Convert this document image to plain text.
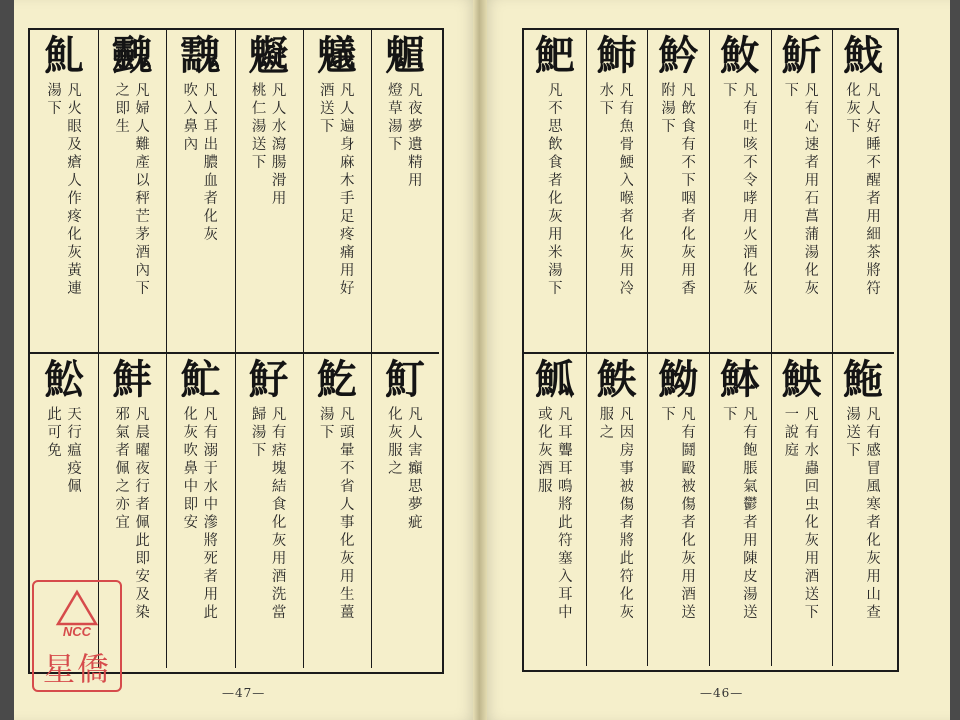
䰨
凡夜夢遺精用
燈草湯下
䰮
凡人遍身麻木手足疼痛用好
酒送下
䰯
凡人水瀉腸滑用
桃仁湯送下
䰰
凡人耳出膿血者化灰
吹入鼻內
䰱
凡婦人難產以秤芒茅酒內下
之即生
䰲
凡火眼及瘡人作疼化灰黃連
湯下
䰳
凡人害癲思夢疵
化灰服之
䰴
凡頭暈不省人事化灰用生薑
湯下
䰵
凡有痞塊結食化灰用酒洗當
歸湯下
䰶
凡有溺于水中滲將死者用此
化灰吹鼻中即安
䰷
凡晨曜夜行者佩此即安及染
邪氣者佩之亦宜
䰸
天行瘟疫佩
此可免
䰹
凡人好睡不醒者用細茶將符
化灰下
䰺
凡有心速者用石菖蒲湯化灰
下
䰻
凡有吐咳不令哮用火酒化灰
下
䰼
凡飲食有不下咽者化灰用香
附湯下
䰽
凡有魚骨鯁入喉者化灰用冷
水下
䰾
凡不思飲食者化灰用米湯下
䰿
凡有感冒風寒者化灰用山查
湯送下
䱀
凡有水蟲回虫化灰用酒送下
一說庭
䱁
凡有飽脹氣鬱者用陳皮湯送
下
䱂
凡有鬪毆被傷者化灰用酒送
下
䱃
凡因房事被傷者將此符化灰
服之
䱄
凡耳聾耳鳴將此符塞入耳中
或化灰酒服
—47—	—46—
NCC
星僑
